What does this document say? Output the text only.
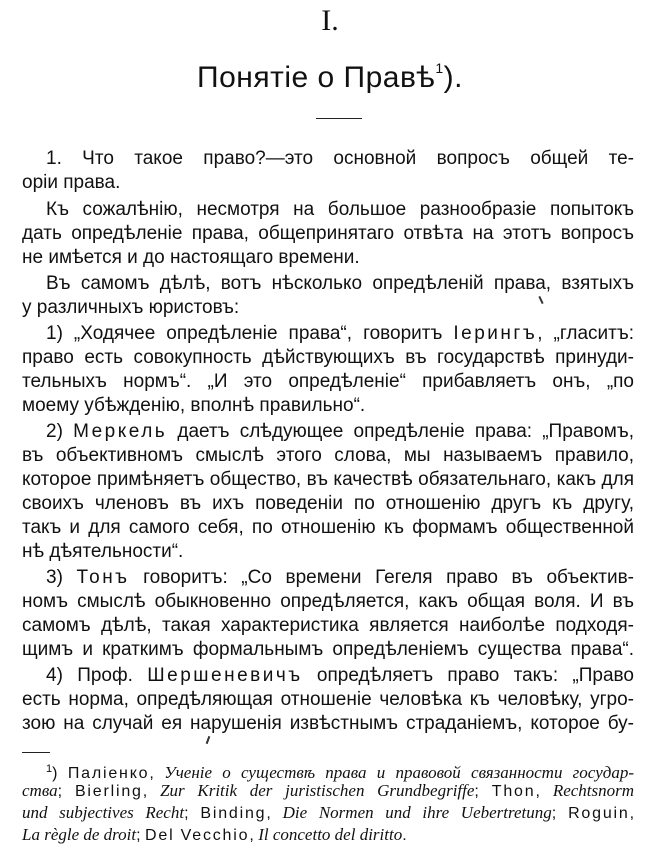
I.
Понятіе о Правѣ$^1$).
1. Что такое право?—это основной вопросъ общей те-
оріи права.
Къ сожалѣнію, несмотря на большое разнообразіе попытокъ
дать опредѣленіе права, общепринятаго отвѣта на этотъ вопросъ
не имѣется и до настоящаго времени.
Въ самомъ дѣлѣ, вотъ нѣсколько опредѣленій права, взятыхъ
у различныхъ юристовъ:
1) „Ходячее опредѣленіе права“, говоритъ Іерингъ, „гласитъ:
право есть совокупность дѣйствующихъ въ государствѣ принуди-
тельныхъ нормъ“. „И это опредѣленіе“ прибавляетъ онъ, „по
моему убѣжденію, вполнѣ правильно“.
2) Меркель даетъ слѣдующее опредѣленіе права: „Правомъ,
въ объективномъ смыслѣ этого слова, мы называемъ правило,
которое примѣняетъ общество, въ качествѣ обязательнаго, какъ для
своихъ членовъ въ ихъ поведеніи по отношенію другъ къ другу,
такъ и для самого себя, по отношенію къ формамъ общественной
нѣ дѣятельности“.
3) Тонъ говоритъ: „Со времени Гегеля право въ объектив-
номъ смыслѣ обыкновенно опредѣляется, какъ общая воля. И въ
самомъ дѣлѣ, такая характеристика является наиболѣе подходя-
щимъ и краткимъ формальнымъ опредѣленіемъ существа права“.
4) Проф. Шершеневичъ опредѣляетъ право такъ: „Право
есть норма, опредѣляющая отношеніе человѣка къ человѣку, угро-
зою на случай ея нарушенія извѣстнымъ страданіемъ, которое бу-
$^1$) Паліенко, Ученіе о существѣ права и правовой связанности государ-
ства; Bierling, Zur Kritik der juristischen Grundbegriffe; Thon, Rechtsnorm
und subjectives Recht; Binding, Die Normen und ihre Uebertretung; Roguin,
La règle de droit; Del Vecchio, Il concetto del diritto.
